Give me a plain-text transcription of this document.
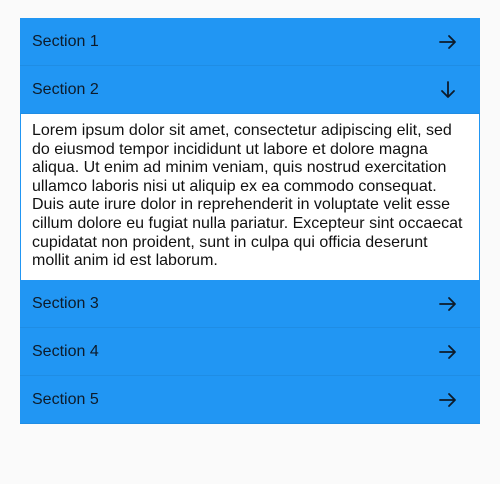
Section 1
Section 2
Lorem ipsum dolor sit amet, consectetur adipiscing elit, sed do eiusmod tempor incididunt ut labore et dolore magna aliqua. Ut enim ad minim veniam, quis nostrud exercitation ullamco laboris nisi ut aliquip ex ea commodo consequat. Duis aute irure dolor in reprehenderit in voluptate velit esse cillum dolore eu fugiat nulla pariatur. Excepteur sint occaecat cupidatat non proident, sunt in culpa qui officia deserunt mollit anim id est laborum.
Section 3
Section 4
Section 5
